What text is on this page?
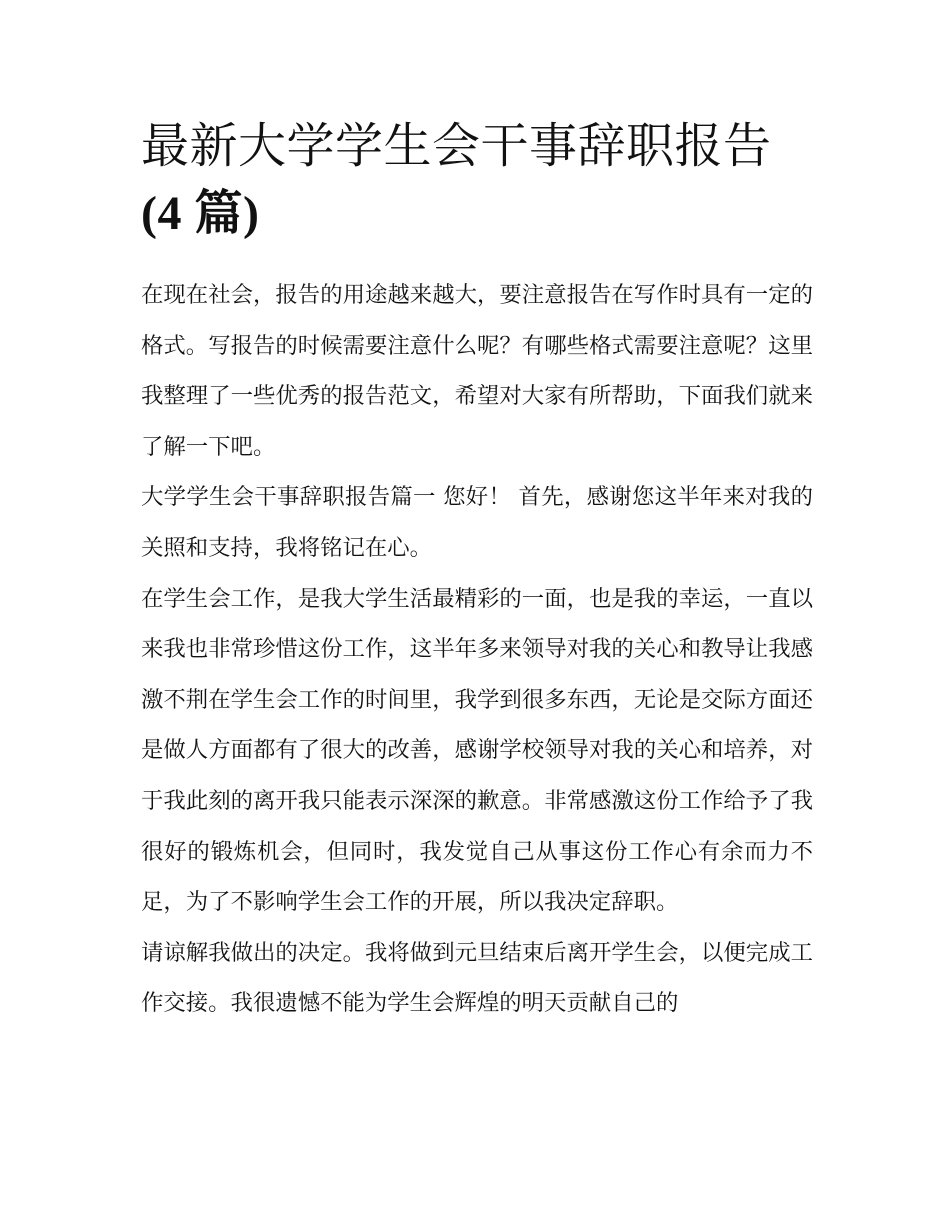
最新大学学生会干事辞职报告
(4 篇)

在现在社会，报告的用途越来越大，要注意报告在写作时具有一定的格式。写报告的时候需要注意什么呢？有哪些格式需要注意呢？这里我整理了一些优秀的报告范文，希望对大家有所帮助，下面我们就来了解一下吧。

大学学生会干事辞职报告篇一 您好！ 首先，感谢您这半年来对我的关照和支持，我将铭记在心。

在学生会工作，是我大学生活最精彩的一面，也是我的幸运，一直以来我也非常珍惜这份工作，这半年多来领导对我的关心和教导让我感激不荆在学生会工作的时间里，我学到很多东西，无论是交际方面还是做人方面都有了很大的改善，感谢学校领导对我的关心和培养，对于我此刻的离开我只能表示深深的歉意。非常感激这份工作给予了我很好的锻炼机会，但同时，我发觉自己从事这份工作心有余而力不足，为了不影响学生会工作的开展，所以我决定辞职。

请谅解我做出的决定。我将做到元旦结束后离开学生会，以便完成工作交接。我很遗憾不能为学生会辉煌的明天贡献自己的
